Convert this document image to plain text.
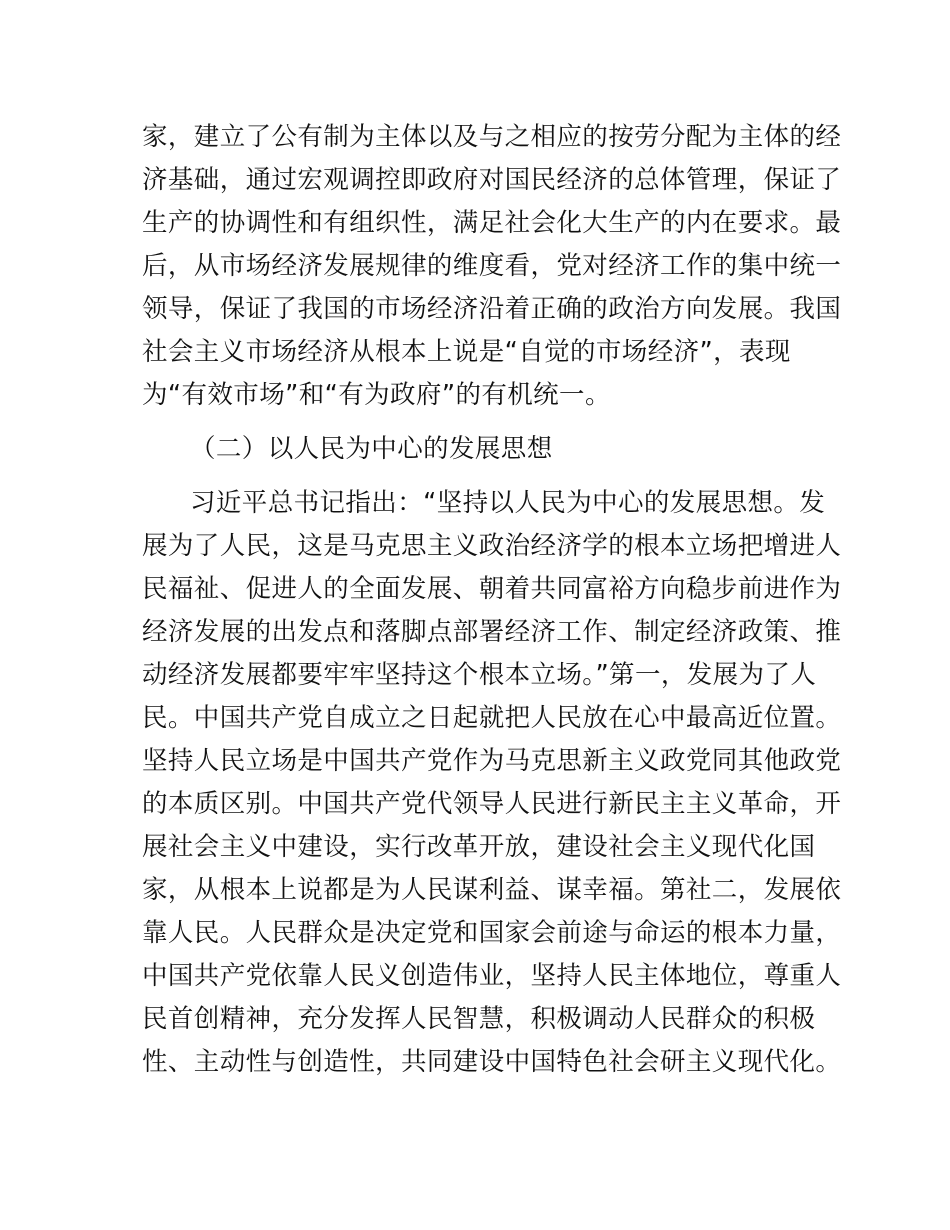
家，建立了公有制为主体以及与之相应的按劳分配为主体的经
济基础，通过宏观调控即政府对国民经济的总体管理，保证了
生产的协调性和有组织性，满足社会化大生产的内在要求。最
后，从市场经济发展规律的维度看，党对经济工作的集中统一
领导，保证了我国的市场经济沿着正确的政治方向发展。我国
社会主义市场经济从根本上说是“自觉的市场经济”，表现
为“有效市场”和“有为政府”的有机统一。
（二）以人民为中心的发展思想
习近平总书记指出：“坚持以人民为中心的发展思想。发
展为了人民，这是马克思主义政治经济学的根本立场把增进人
民福祉、促进人的全面发展、朝着共同富裕方向稳步前进作为
经济发展的出发点和落脚点部署经济工作、制定经济政策、推
动经济发展都要牢牢坚持这个根本立场。”第一，发展为了人
民。中国共产党自成立之日起就把人民放在心中最高近位置。
坚持人民立场是中国共产党作为马克思新主义政党同其他政党
的本质区别。中国共产党代领导人民进行新民主主义革命，开
展社会主义中建设，实行改革开放，建设社会主义现代化国
家，从根本上说都是为人民谋利益、谋幸福。第社二，发展依
靠人民。人民群众是决定党和国家会前途与命运的根本力量，
中国共产党依靠人民义创造伟业，坚持人民主体地位，尊重人
民首创精神，充分发挥人民智慧，积极调动人民群众的积极
性、主动性与创造性，共同建设中国特色社会研主义现代化。
